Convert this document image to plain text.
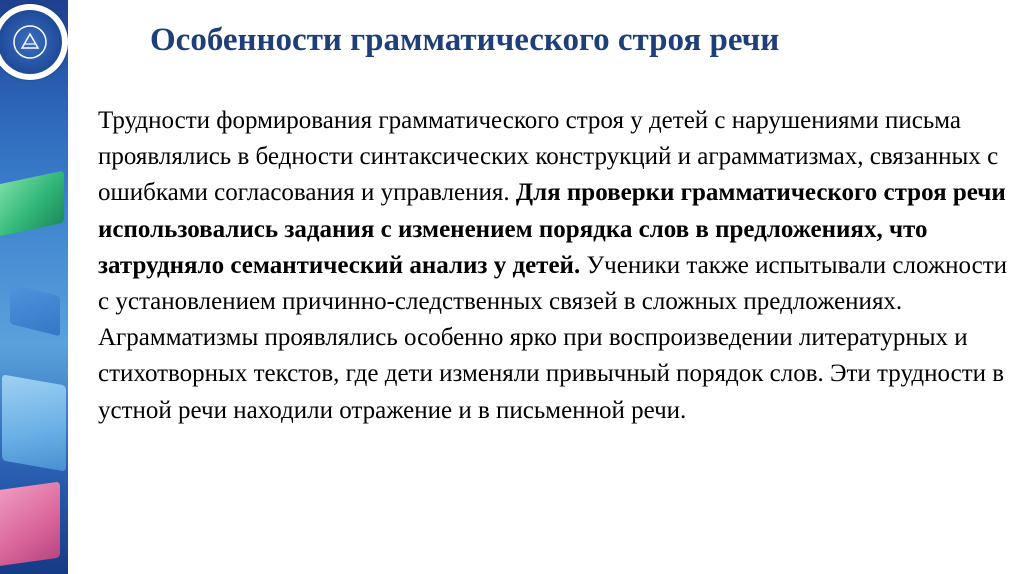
Особенности грамматического строя речи

Трудности формирования грамматического строя у детей с нарушениями письма проявлялись в бедности синтаксических конструкций и аграмматизмах, связанных с ошибками согласования и управления. Для проверки грамматического строя речи использовались задания с изменением порядка слов в предложениях, что затрудняло семантический анализ у детей. Ученики также испытывали сложности с установлением причинно-следственных связей в сложных предложениях. Аграмматизмы проявлялись особенно ярко при воспроизведении литературных и стихотворных текстов, где дети изменяли привычный порядок слов. Эти трудности в устной речи находили отражение и в письменной речи.
